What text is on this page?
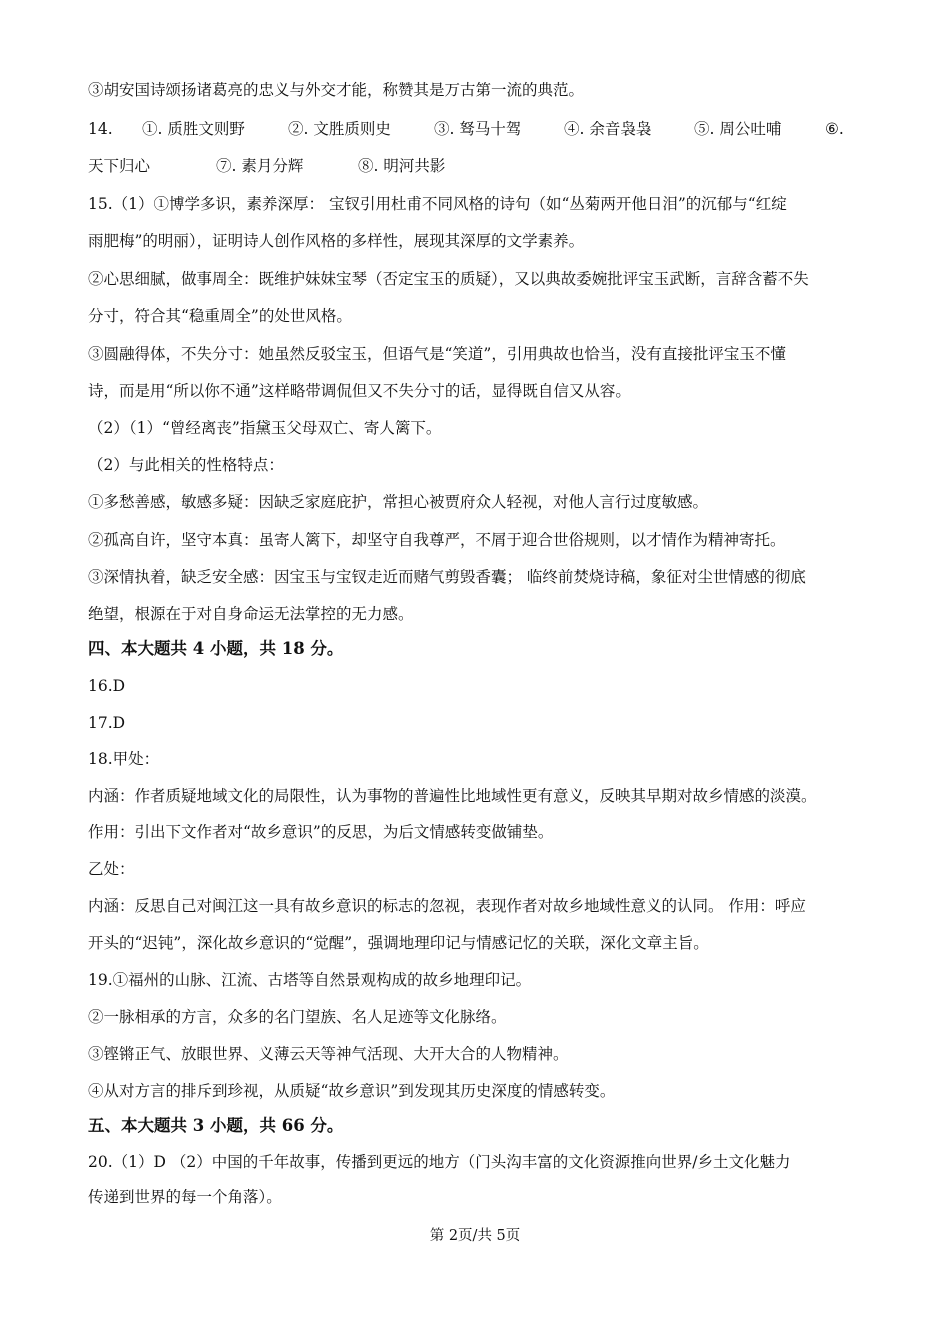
③胡安国诗颂扬诸葛亮的忠义与外交才能，称赞其是万古第一流的典范。
14. ①. 质胜文则野	②. 文胜质则史	③. 驽马十驾	④. 余音袅袅	⑤. 周公吐哺	⑥.
天下归心	⑦. 素月分辉	⑧. 明河共影
15.（1）①博学多识，素养深厚： 宝钗引用杜甫不同风格的诗句（如“丛菊两开他日泪”的沉郁与“红绽
雨肥梅”的明丽），证明诗人创作风格的多样性，展现其深厚的文学素养。
②心思细腻，做事周全：既维护妹妹宝琴（否定宝玉的质疑），又以典故委婉批评宝玉武断，言辞含蓄不失
分寸，符合其“稳重周全”的处世风格。
③圆融得体，不失分寸：她虽然反驳宝玉，但语气是“笑道”，引用典故也恰当，没有直接批评宝玉不懂
诗，而是用“所以你不通”这样略带调侃但又不失分寸的话，显得既自信又从容。
（2）（1）“曾经离丧”指黛玉父母双亡、寄人篱下。
（2）与此相关的性格特点：
①多愁善感，敏感多疑：因缺乏家庭庇护，常担心被贾府众人轻视，对他人言行过度敏感。
②孤高自许，坚守本真：虽寄人篱下，却坚守自我尊严，不屑于迎合世俗规则，以才情作为精神寄托。
③深情执着，缺乏安全感：因宝玉与宝钗走近而赌气剪毁香囊； 临终前焚烧诗稿，象征对尘世情感的彻底
绝望，根源在于对自身命运无法掌控的无力感。
四、本大题共 4 小题，共 18 分。
16.D
17.D
18.甲处：
内涵：作者质疑地域文化的局限性，认为事物的普遍性比地域性更有意义，反映其早期对故乡情感的淡漠。
作用：引出下文作者对“故乡意识”的反思，为后文情感转变做铺垫。
乙处：
内涵：反思自己对闽江这一具有故乡意识的标志的忽视，表现作者对故乡地域性意义的认同。 作用：呼应
开头的“迟钝”，深化故乡意识的“觉醒”，强调地理印记与情感记忆的关联，深化文章主旨。
19.①福州的山脉、江流、古塔等自然景观构成的故乡地理印记。
②一脉相承的方言，众多的名门望族、名人足迹等文化脉络。
③铿锵正气、放眼世界、义薄云天等神气活现、大开大合的人物精神。
④从对方言的排斥到珍视，从质疑“故乡意识”到发现其历史深度的情感转变。
五、本大题共 3 小题，共 66 分。
20.（1）D （2）中国的千年故事，传播到更远的地方（门头沟丰富的文化资源推向世界/乡土文化魅力
传递到世界的每一个角落）。
第 2页/共 5页
